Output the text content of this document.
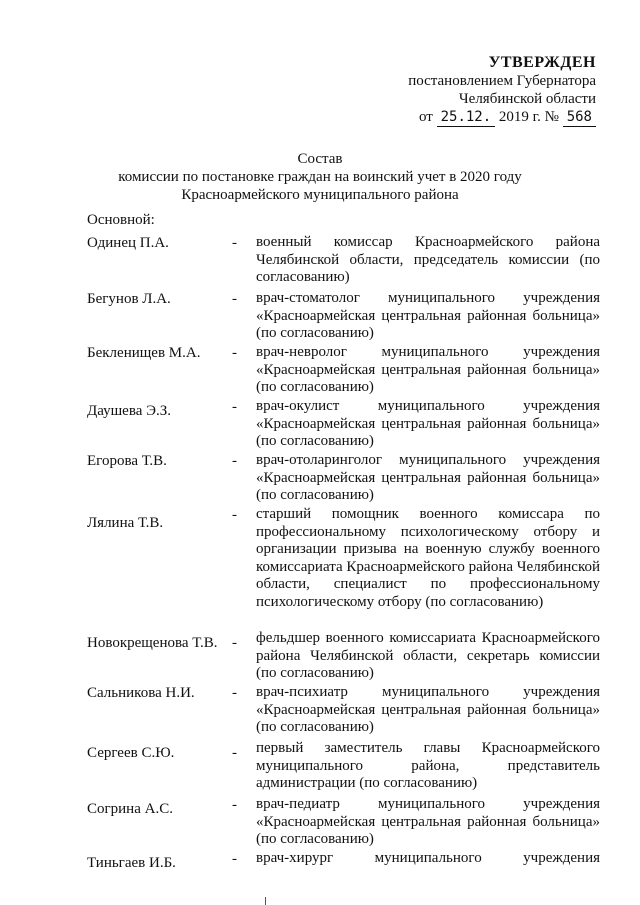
УТВЕРЖДЕН
постановлением Губернатора
Челябинской области
от 25.12. 2019 г. № 568
Состав
комиссии по постановке граждан на воинский учет в 2020 году
Красноармейского муниципального района
Основной:
Одинец П.А.	- военный комиссар Красноармейского района Челябинской области, председатель комиссии (по согласованию)
Бегунов Л.А.	- врач-стоматолог муниципального учреждения «Красноармейская центральная районная больница» (по согласованию)
Бекленищев М.А. - врач-невролог муниципального учреждения «Красноармейская центральная районная больница» (по согласованию)
Даушева Э.З.	- врач-окулист муниципального учреждения «Красноармейская центральная районная больница» (по согласованию)
Егорова Т.В.	- врач-отоларинголог муниципального учреждения «Красноармейская центральная районная больница» (по согласованию)
Лялина Т.В.	- старший помощник военного комиссара по профессиональному психологическому отбору и организации призыва на военную службу военного комиссариата Красноармейского района Челябинской области, специалист по профессиональному психологическому отбору (по согласованию)
Новокрещенова Т.В. - фельдшер военного комиссариата Красноармейского района Челябинской области, секретарь комиссии (по согласованию)
Сальникова Н.И. - врач-психиатр муниципального учреждения «Красноармейская центральная районная больница» (по согласованию)
Сергеев С.Ю.	- первый заместитель главы Красноармейского муниципального района, представитель администрации (по согласованию)
Согрина А.С.	- врач-педиатр муниципального учреждения «Красноармейская центральная районная больница» (по согласованию)
Тиньгаев И.Б.	- врач-хирург муниципального учреждения
